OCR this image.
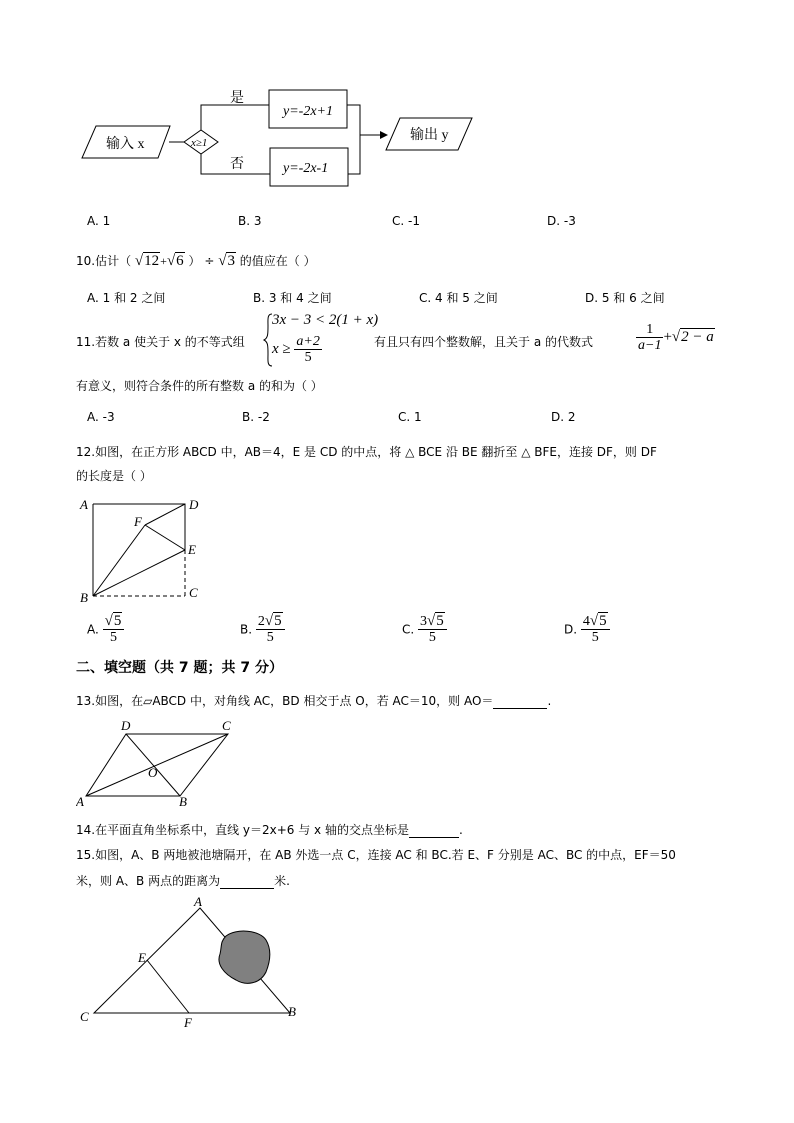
输入 x	x≥1
是
否
y=-2x+1
y=-2x-1
输出 y
A. 1	B. 3	C. -1	D. -3
10.估计（ √12+√6 ） ÷ √3 的值应在（ ）
A. 1 和 2 之间	B. 3 和 4 之间	C. 4 和 5 之间	D. 5 和 6 之间
11.若数 a 使关于 x 的不等式组
3x − 3 < 2(1 + x)
$x \ge \frac{a+2}{5}$	有且只有四个整数解，且关于 a 的代数式	$\frac{1}{a-1} +√2 - a$
有意义，则符合条件的所有整数 a 的和为（ ）
A. -3	B. -2	C. 1	D. 2
12.如图，在正方形 ABCD 中，AB＝4，E 是 CD 的中点，将 △ BCE 沿 BE 翻折至 △ BFE，连接 DF，则 DF
的长度是（ ）
A	D
F
E
B	C
A. $\frac{√5}{5}$	B. $\frac{2√5}{5}$	C. $\frac{3√5}{5}$	D. $\frac{4√5}{5}$
二、填空题（共 7 题；共 7 分）
13.如图，在▱ABCD 中，对角线 AC，BD 相交于点 O，若 AC＝10，则 AO＝	.
D	C
O
A	B
14.在平面直角坐标系中，直线 y＝2x+6 与 x 轴的交点坐标是	.
15.如图，A、B 两地被池塘隔开，在 AB 外选一点 C，连接 AC 和 BC.若 E、F 分别是 AC、BC 的中点，EF＝50
米，则 A、B 两点的距离为	米.
A
E
C	F
B
